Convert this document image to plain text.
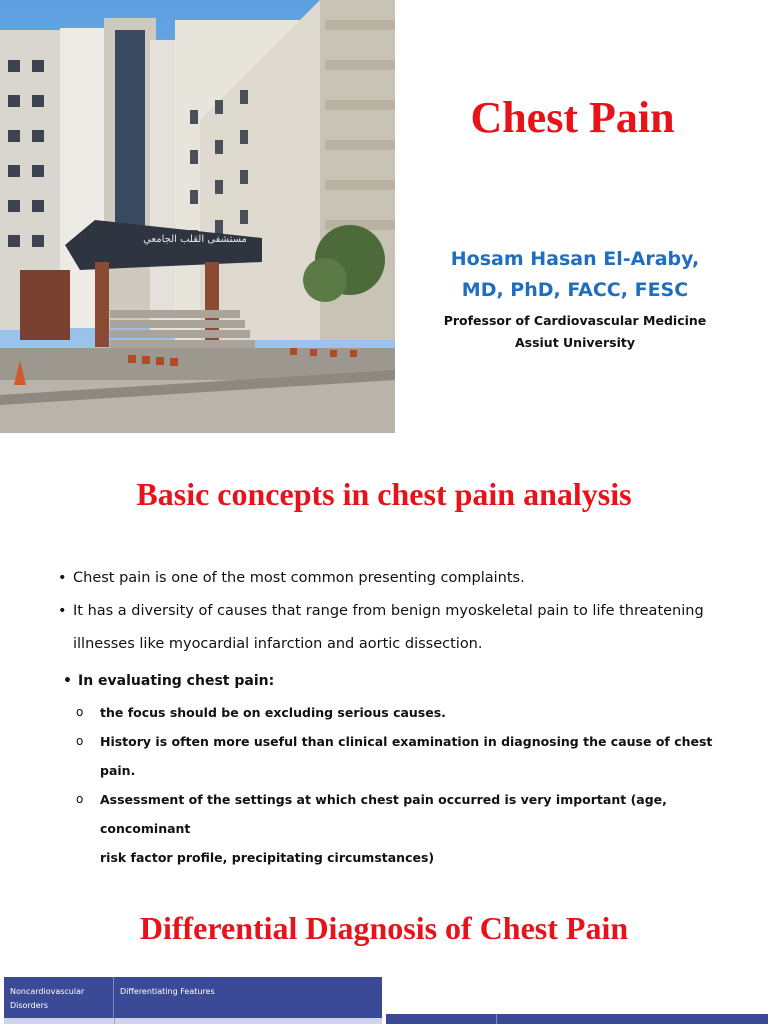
مستشفى القلب الجامعي
Chest Pain
Hosam Hasan El-Araby,
MD, PhD, FACC, FESC
Professor of Cardiovascular Medicine
Assiut University
Basic concepts in chest pain analysis
• Chest pain is one of the most common presenting complaints.
• It has a diversity of causes that range from benign myoskeletal pain to life threatening
illnesses like myocardial infarction and aortic dissection.
• In evaluating chest pain:
o the focus should be on excluding serious causes.
o History is often more useful than clinical examination in diagnosing the cause of chest pain.
o Assessment of the settings at which chest pain occurred is very important (age, concominant
risk factor profile, precipitating circumstances)
Differential Diagnosis of Chest Pain
Noncardiovascular Disorders
Differentiating Features
